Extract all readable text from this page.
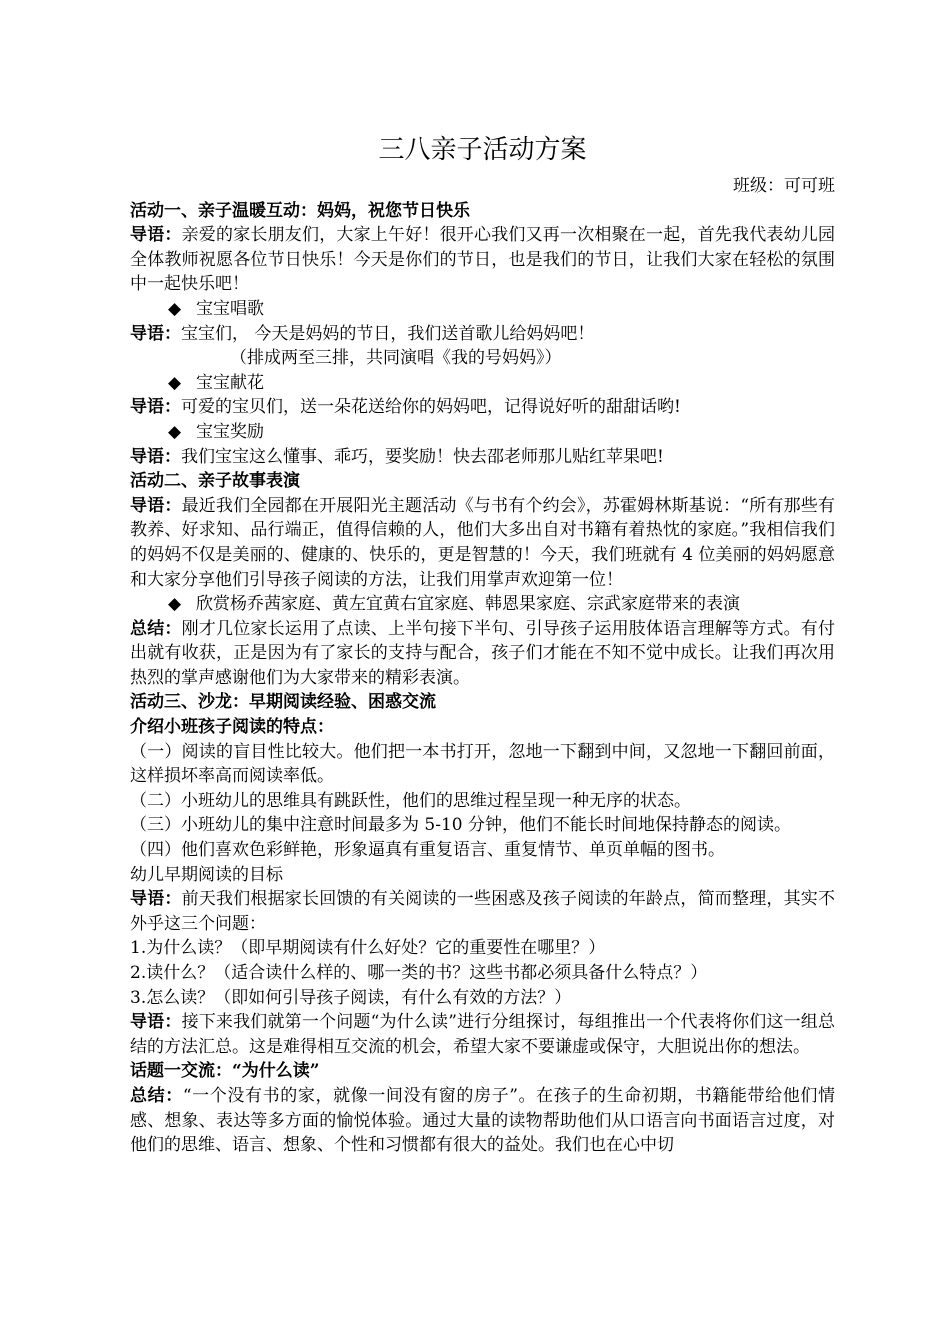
三八亲子活动方案
班级：可可班
活动一、亲子温暖互动：妈妈，祝您节日快乐
导语：亲爱的家长朋友们，大家上午好！很开心我们又再一次相聚在一起，首先我代表幼儿园全体教师祝愿各位节日快乐！今天是你们的节日，也是我们的节日，让我们大家在轻松的氛围中一起快乐吧！
◆ 宝宝唱歌
导语：宝宝们， 今天是妈妈的节日，我们送首歌儿给妈妈吧！
（排成两至三排，共同演唱《我的号妈妈》）
◆ 宝宝献花
导语：可爱的宝贝们，送一朵花送给你的妈妈吧，记得说好听的甜甜话哟!
◆ 宝宝奖励
导语：我们宝宝这么懂事、乖巧，要奖励！快去邵老师那儿贴红苹果吧!
活动二、亲子故事表演
导语：最近我们全园都在开展阳光主题活动《与书有个约会》，苏霍姆林斯基说：“所有那些有教养、好求知、品行端正，值得信赖的人，他们大多出自对书籍有着热忱的家庭。”我相信我们的妈妈不仅是美丽的、健康的、快乐的，更是智慧的！今天，我们班就有 4 位美丽的妈妈愿意和大家分享他们引导孩子阅读的方法，让我们用掌声欢迎第一位！
◆ 欣赏杨乔茜家庭、黄左宜黄右宜家庭、韩恩果家庭、宗武家庭带来的表演
总结：刚才几位家长运用了点读、上半句接下半句、引导孩子运用肢体语言理解等方式。有付出就有收获，正是因为有了家长的支持与配合，孩子们才能在不知不觉中成长。让我们再次用热烈的掌声感谢他们为大家带来的精彩表演。
活动三、沙龙：早期阅读经验、困惑交流
介绍小班孩子阅读的特点：
（一）阅读的盲目性比较大。他们把一本书打开，忽地一下翻到中间，又忽地一下翻回前面，这样损坏率高而阅读率低。
（二）小班幼儿的思维具有跳跃性，他们的思维过程呈现一种无序的状态。
（三）小班幼儿的集中注意时间最多为 5-10 分钟，他们不能长时间地保持静态的阅读。
（四）他们喜欢色彩鲜艳，形象逼真有重复语言、重复情节、单页单幅的图书。
幼儿早期阅读的目标
导语：前天我们根据家长回馈的有关阅读的一些困惑及孩子阅读的年龄点，简而整理，其实不外乎这三个问题：
1.为什么读？（即早期阅读有什么好处？它的重要性在哪里？）
2.读什么？（适合读什么样的、哪一类的书？这些书都必须具备什么特点？）
3.怎么读？（即如何引导孩子阅读，有什么有效的方法？）
导语：接下来我们就第一个问题“为什么读”进行分组探讨，每组推出一个代表将你们这一组总结的方法汇总。这是难得相互交流的机会，希望大家不要谦虚或保守，大胆说出你的想法。
话题一交流：“为什么读”
总结：“一个没有书的家，就像一间没有窗的房子”。在孩子的生命初期，书籍能带给他们情感、想象、表达等多方面的愉悦体验。通过大量的读物帮助他们从口语言向书面语言过度，对他们的思维、语言、想象、个性和习惯都有很大的益处。我们也在心中切
